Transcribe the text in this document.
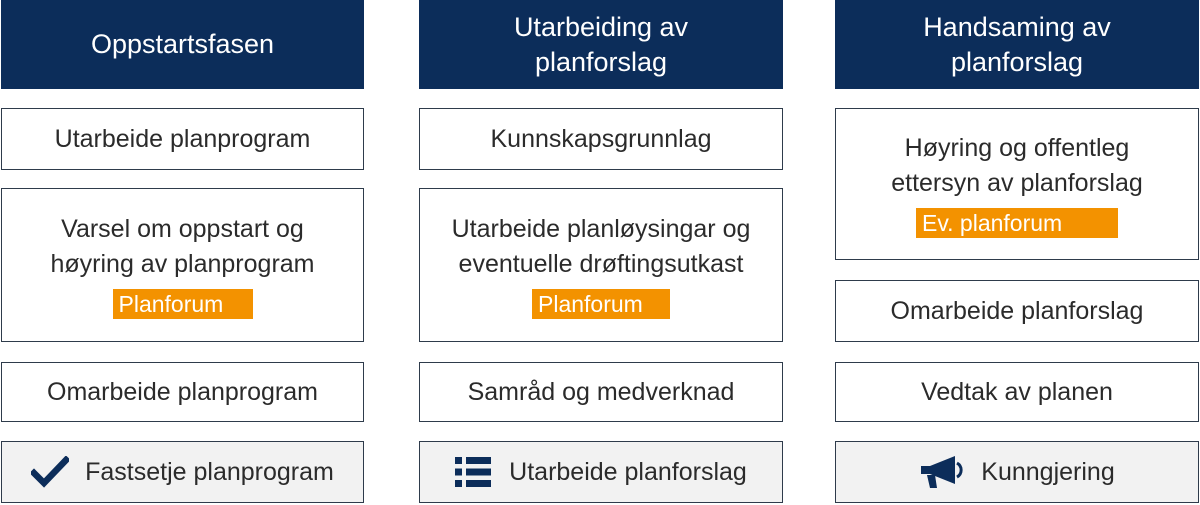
Oppstartsfasen
Utarbeide planprogram
Varsel om oppstart og
høyring av planprogram
Planforum
Omarbeide planprogram
Fastsetje planprogram
Utarbeiding av
planforslag
Kunnskapsgrunnlag
Utarbeide planløysingar og
eventuelle drøftingsutkast
Planforum
Samråd og medverknad
Utarbeide planforslag
Handsaming av
planforslag
Høyring og offentleg
ettersyn av planforslag
Ev. planforum
Omarbeide planforslag
Vedtak av planen
Kunngjering
